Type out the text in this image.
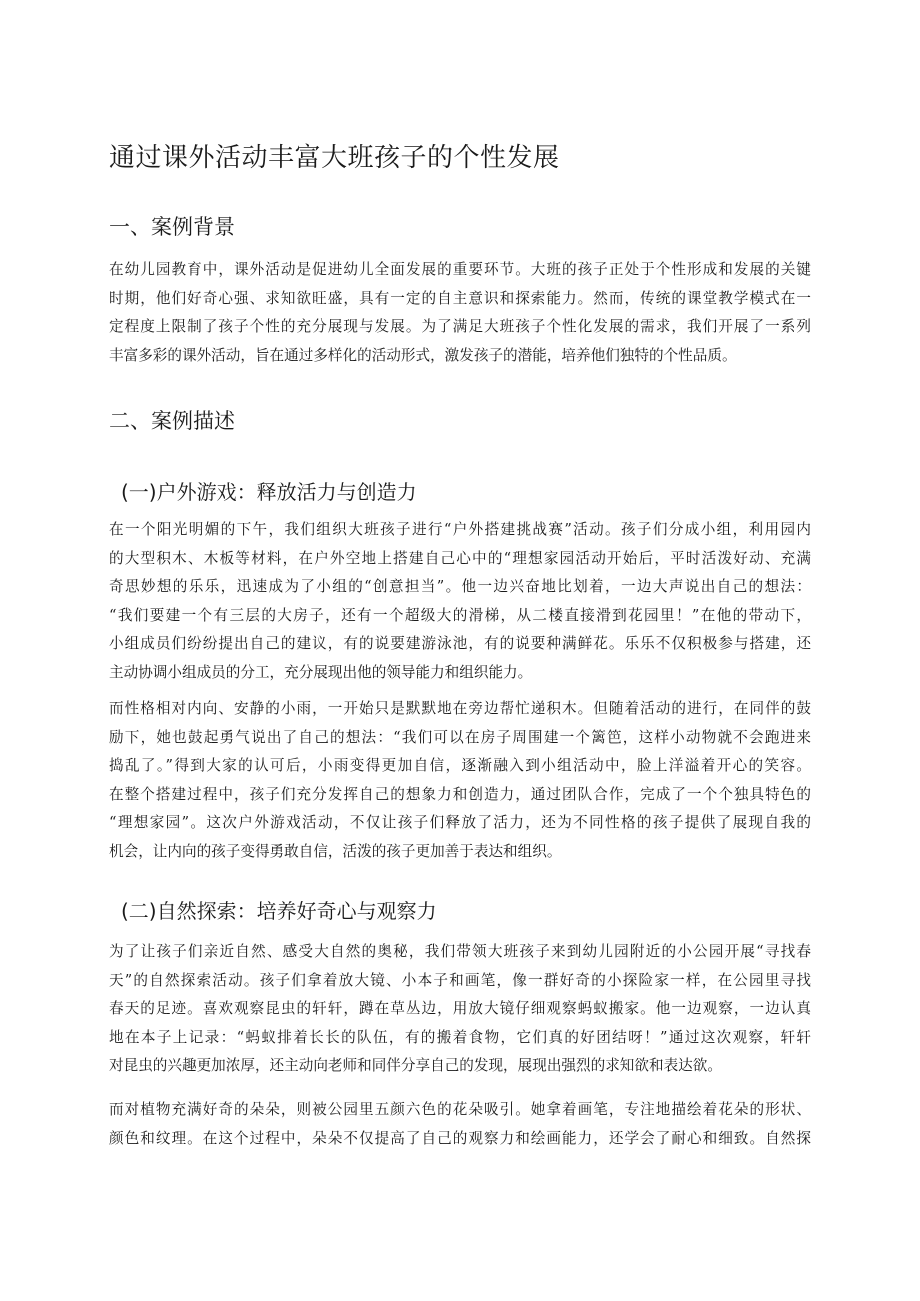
通过课外活动丰富大班孩子的个性发展
一、案例背景
在幼儿园教育中，课外活动是促进幼儿全面发展的重要环节。大班的孩子正处于个性形成和发展的关键
时期，他们好奇心强、求知欲旺盛，具有一定的自主意识和探索能力。然而，传统的课堂教学模式在一
定程度上限制了孩子个性的充分展现与发展。为了满足大班孩子个性化发展的需求，我们开展了一系列
丰富多彩的课外活动，旨在通过多样化的活动形式，激发孩子的潜能，培养他们独特的个性品质。
二、案例描述
(一)户外游戏：释放活力与创造力
在一个阳光明媚的下午，我们组织大班孩子进行“户外搭建挑战赛”活动。孩子们分成小组，利用园内
的大型积木、木板等材料，在户外空地上搭建自己心中的“理想家园活动开始后，平时活泼好动、充满
奇思妙想的乐乐，迅速成为了小组的“创意担当”。他一边兴奋地比划着，一边大声说出自己的想法：
“我们要建一个有三层的大房子，还有一个超级大的滑梯，从二楼直接滑到花园里！”在他的带动下，
小组成员们纷纷提出自己的建议，有的说要建游泳池，有的说要种满鲜花。乐乐不仅积极参与搭建，还
主动协调小组成员的分工，充分展现出他的领导能力和组织能力。
而性格相对内向、安静的小雨，一开始只是默默地在旁边帮忙递积木。但随着活动的进行，在同伴的鼓
励下，她也鼓起勇气说出了自己的想法：“我们可以在房子周围建一个篱笆，这样小动物就不会跑进来
捣乱了。”得到大家的认可后，小雨变得更加自信，逐渐融入到小组活动中，脸上洋溢着开心的笑容。
在整个搭建过程中，孩子们充分发挥自己的想象力和创造力，通过团队合作，完成了一个个独具特色的
“理想家园”。这次户外游戏活动，不仅让孩子们释放了活力，还为不同性格的孩子提供了展现自我的
机会，让内向的孩子变得勇敢自信，活泼的孩子更加善于表达和组织。
(二)自然探索：培养好奇心与观察力
为了让孩子们亲近自然、感受大自然的奥秘，我们带领大班孩子来到幼儿园附近的小公园开展“寻找春
天”的自然探索活动。孩子们拿着放大镜、小本子和画笔，像一群好奇的小探险家一样，在公园里寻找
春天的足迹。喜欢观察昆虫的轩轩，蹲在草丛边，用放大镜仔细观察蚂蚁搬家。他一边观察，一边认真
地在本子上记录：“蚂蚁排着长长的队伍，有的搬着食物，它们真的好团结呀！”通过这次观察，轩轩
对昆虫的兴趣更加浓厚，还主动向老师和同伴分享自己的发现，展现出强烈的求知欲和表达欲。
而对植物充满好奇的朵朵，则被公园里五颜六色的花朵吸引。她拿着画笔，专注地描绘着花朵的形状、
颜色和纹理。在这个过程中，朵朵不仅提高了自己的观察力和绘画能力，还学会了耐心和细致。自然探
